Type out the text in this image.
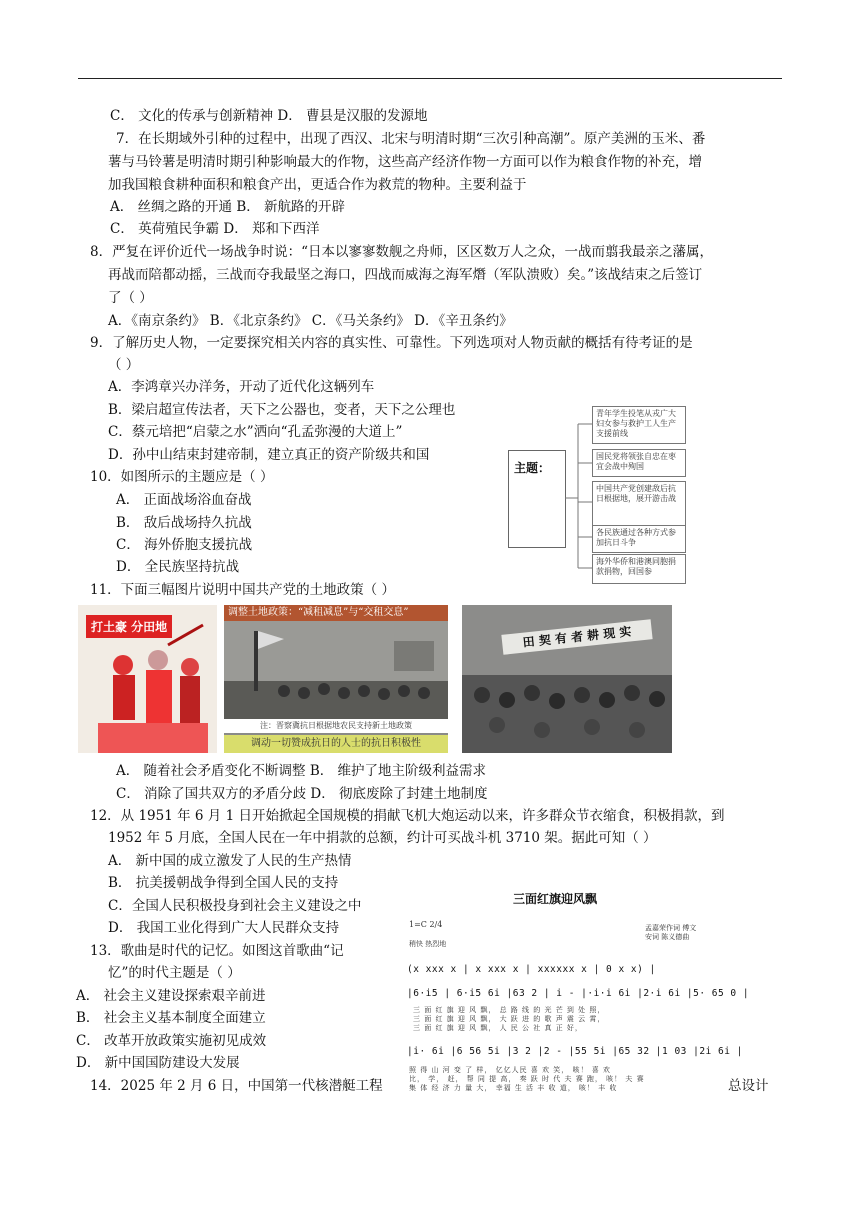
C． 文化的传承与创新精神 D． 曹县是汉服的发源地
7．在长期域外引种的过程中，出现了西汉、北宋与明清时期“三次引种高潮”。原产美洲的玉米、番
薯与马铃薯是明清时期引种影响最大的作物，这些高产经济作物一方面可以作为粮食作物的补充，增
加我国粮食耕种面积和粮食产出，更适合作为救荒的物种。主要利益于
A． 丝绸之路的开通 B． 新航路的开辟
C． 英荷殖民争霸 D． 郑和下西洋
8．严复在评价近代一场战争时说：“日本以寥寥数舰之舟师，区区数万人之众，一战而翦我最亲之藩属，
再战而陪都动摇，三战而夺我最坚之海口，四战而威海之海军熸（军队溃败）矣。”该战结束之后签订
了（ ）
A．《南京条约》 B．《北京条约》 C．《马关条约》 D．《辛丑条约》
9．了解历史人物，一定要探究相关内容的真实性、可靠性。下列选项对人物贡献的概括有待考证的是
（ ）
A．李鸿章兴办洋务，开动了近代化这辆列车
B．梁启超宣传法者，天下之公器也，变者，天下之公理也
C．蔡元培把“启蒙之水”洒向“孔孟弥漫的大道上”
D．孙中山结束封建帝制，建立真正的资产阶级共和国
10．如图所示的主题应是（ ）
A． 正面战场浴血奋战
B． 敌后战场持久抗战
C． 海外侨胞支援抗战
D． 全民族坚持抗战
11．下面三幅图片说明中国共产党的土地政策（ ）
A． 随着社会矛盾变化不断调整 B． 维护了地主阶级利益需求
C． 消除了国共双方的矛盾分歧 D． 彻底废除了封建土地制度
12．从 1951 年 6 月 1 日开始掀起全国规模的捐献飞机大炮运动以来，许多群众节衣缩食，积极捐款，到
1952 年 5 月底，全国人民在一年中捐款的总额，约计可买战斗机 3710 架。据此可知（ ）
A． 新中国的成立激发了人民的生产热情
B． 抗美援朝战争得到全国人民的支持
C．全国人民积极投身到社会主义建设之中
D． 我国工业化得到广大人民群众支持
13．歌曲是时代的记忆。如图这首歌曲“记
忆”的时代主题是（ ）
A． 社会主义建设探索艰辛前进
B． 社会主义基本制度全面建立
C． 改革开放政策实施初见成效
D． 新中国国防建设大发展
14．2025 年 2 月 6 日，中国第一代核潜艇工程	总设计
主题：
青年学生投笔从戎广大妇女参与救护工人生产支援前线
国民党将领张自忠在枣宜会战中殉国
中国共产党创建敌后抗日根据地，展开游击战
各民族通过各种方式参加抗日斗争
海外华侨和港澳同胞捐款捐物，回国参
打土豪 分田地
调整土地政策：“减租减息”与“交租交息”
注：晋察冀抗日根据地农民支持新土地政策
调动一切赞成抗日的人士的抗日积极性
田 契 有 者 耕 现 实
三面红旗迎风飘
1=C 2/4
稍快 热烈地
孟嘉荣作词 傅文安词 陈义德曲
(x xxx x | x xxx x | xxxxxx x | 0 x x) |
|6·i5 | 6·i5 6i |63 2 | i - |·i·i 6i |2·i 6i |5· 65 0 |
三 面 红 旗 迎 风 飘， 总 路 线 的 光 芒 到 处 照，
三 面 红 旗 迎 风 飘， 大 跃 进 的 歌 声 震 云 霄，
三 面 红 旗 迎 风 飘， 人 民 公 社 真 正 好，
|i· 6i |6 56 5i |3 2 |2 - |55 5i |65 32 |1 03 |2i 6i |
照 得 山 河 变 了 样， 亿亿人民 喜 欢 笑， 咳！ 喜 欢
比， 学， 赶， 帮 同 提 高， 奏 跃 时 代 夫 赛 跑， 咳！ 夫 赛
集 体 经 济 力 量 大， 幸福 生 活 丰 收 道， 咳！ 丰 收
